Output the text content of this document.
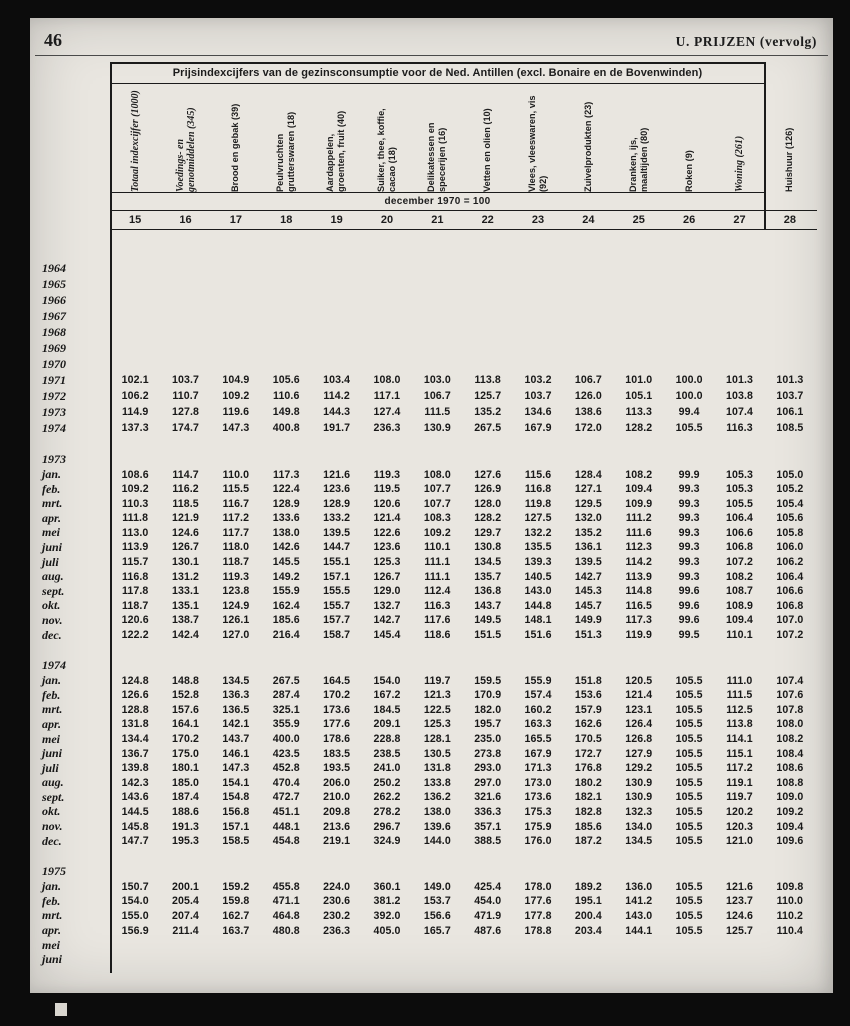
46	U. PRIJZEN (vervolg)
Prijsindexcijfers van de gezinsconsumptie voor de Ned. Antillen (excl. Bonaire en de Bovenwinden)
Totaal indexcijfer (1000)	Voedings- en genotmiddelen (345)	Brood en gebak (39)	Peulvruchten grutterswaren (18)	Aardappelen, groenten, fruit (40)	Suiker, thee, koffie, cacao (18)	Delikatessen en specerijen (16)	Vetten en olien (10)	Vlees, vleeswaren, vis (92)	Zuivelprodukten (23)	Dranken, ijs, maaltijden (80)	Roken (9)	Woning (261)	Huishuur (126)
december 1970 = 100
15	16	17	18	19	20	21	22	23	24	25	26	27	28
1964
1965
1966
1967
1968
1969
1970
1971	102.1	103.7	104.9	105.6	103.4	108.0	103.0	113.8	103.2	106.7	101.0	100.0	101.3	101.3
1972	106.2	110.7	109.2	110.6	114.2	117.1	106.7	125.7	103.7	126.0	105.1	100.0	103.8	103.7
1973	114.9	127.8	119.6	149.8	144.3	127.4	111.5	135.2	134.6	138.6	113.3	99.4	107.4	106.1
1974	137.3	174.7	147.3	400.8	191.7	236.3	130.9	267.5	167.9	172.0	128.2	105.5	116.3	108.5
1973
jan.	108.6	114.7	110.0	117.3	121.6	119.3	108.0	127.6	115.6	128.4	108.2	99.9	105.3	105.0
feb.	109.2	116.2	115.5	122.4	123.6	119.5	107.7	126.9	116.8	127.1	109.4	99.3	105.3	105.2
mrt.	110.3	118.5	116.7	128.9	128.9	120.6	107.7	128.0	119.8	129.5	109.9	99.3	105.5	105.4
apr.	111.8	121.9	117.2	133.6	133.2	121.4	108.3	128.2	127.5	132.0	111.2	99.3	106.4	105.6
mei	113.0	124.6	117.7	138.0	139.5	122.6	109.2	129.7	132.2	135.2	111.6	99.3	106.6	105.8
juni	113.9	126.7	118.0	142.6	144.7	123.6	110.1	130.8	135.5	136.1	112.3	99.3	106.8	106.0
juli	115.7	130.1	118.7	145.5	155.1	125.3	111.1	134.5	139.3	139.5	114.2	99.3	107.2	106.2
aug.	116.8	131.2	119.3	149.2	157.1	126.7	111.1	135.7	140.5	142.7	113.9	99.3	108.2	106.4
sept.	117.8	133.1	123.8	155.9	155.5	129.0	112.4	136.8	143.0	145.3	114.8	99.6	108.7	106.6
okt.	118.7	135.1	124.9	162.4	155.7	132.7	116.3	143.7	144.8	145.7	116.5	99.6	108.9	106.8
nov.	120.6	138.7	126.1	185.6	157.7	142.7	117.6	149.5	148.1	149.9	117.3	99.6	109.4	107.0
dec.	122.2	142.4	127.0	216.4	158.7	145.4	118.6	151.5	151.6	151.3	119.9	99.5	110.1	107.2
1974
jan.	124.8	148.8	134.5	267.5	164.5	154.0	119.7	159.5	155.9	151.8	120.5	105.5	111.0	107.4
feb.	126.6	152.8	136.3	287.4	170.2	167.2	121.3	170.9	157.4	153.6	121.4	105.5	111.5	107.6
mrt.	128.8	157.6	136.5	325.1	173.6	184.5	122.5	182.0	160.2	157.9	123.1	105.5	112.5	107.8
apr.	131.8	164.1	142.1	355.9	177.6	209.1	125.3	195.7	163.3	162.6	126.4	105.5	113.8	108.0
mei	134.4	170.2	143.7	400.0	178.6	228.8	128.1	235.0	165.5	170.5	126.8	105.5	114.1	108.2
juni	136.7	175.0	146.1	423.5	183.5	238.5	130.5	273.8	167.9	172.7	127.9	105.5	115.1	108.4
juli	139.8	180.1	147.3	452.8	193.5	241.0	131.8	293.0	171.3	176.8	129.2	105.5	117.2	108.6
aug.	142.3	185.0	154.1	470.4	206.0	250.2	133.8	297.0	173.0	180.2	130.9	105.5	119.1	108.8
sept.	143.6	187.4	154.8	472.7	210.0	262.2	136.2	321.6	173.6	182.1	130.9	105.5	119.7	109.0
okt.	144.5	188.6	156.8	451.1	209.8	278.2	138.0	336.3	175.3	182.8	132.3	105.5	120.2	109.2
nov.	145.8	191.3	157.1	448.1	213.6	296.7	139.6	357.1	175.9	185.6	134.0	105.5	120.3	109.4
dec.	147.7	195.3	158.5	454.8	219.1	324.9	144.0	388.5	176.0	187.2	134.5	105.5	121.0	109.6
1975
jan.	150.7	200.1	159.2	455.8	224.0	360.1	149.0	425.4	178.0	189.2	136.0	105.5	121.6	109.8
feb.	154.0	205.4	159.8	471.1	230.6	381.2	153.7	454.0	177.6	195.1	141.2	105.5	123.7	110.0
mrt.	155.0	207.4	162.7	464.8	230.2	392.0	156.6	471.9	177.8	200.4	143.0	105.5	124.6	110.2
apr.	156.9	211.4	163.7	480.8	236.3	405.0	165.7	487.6	178.8	203.4	144.1	105.5	125.7	110.4
mei
juni
